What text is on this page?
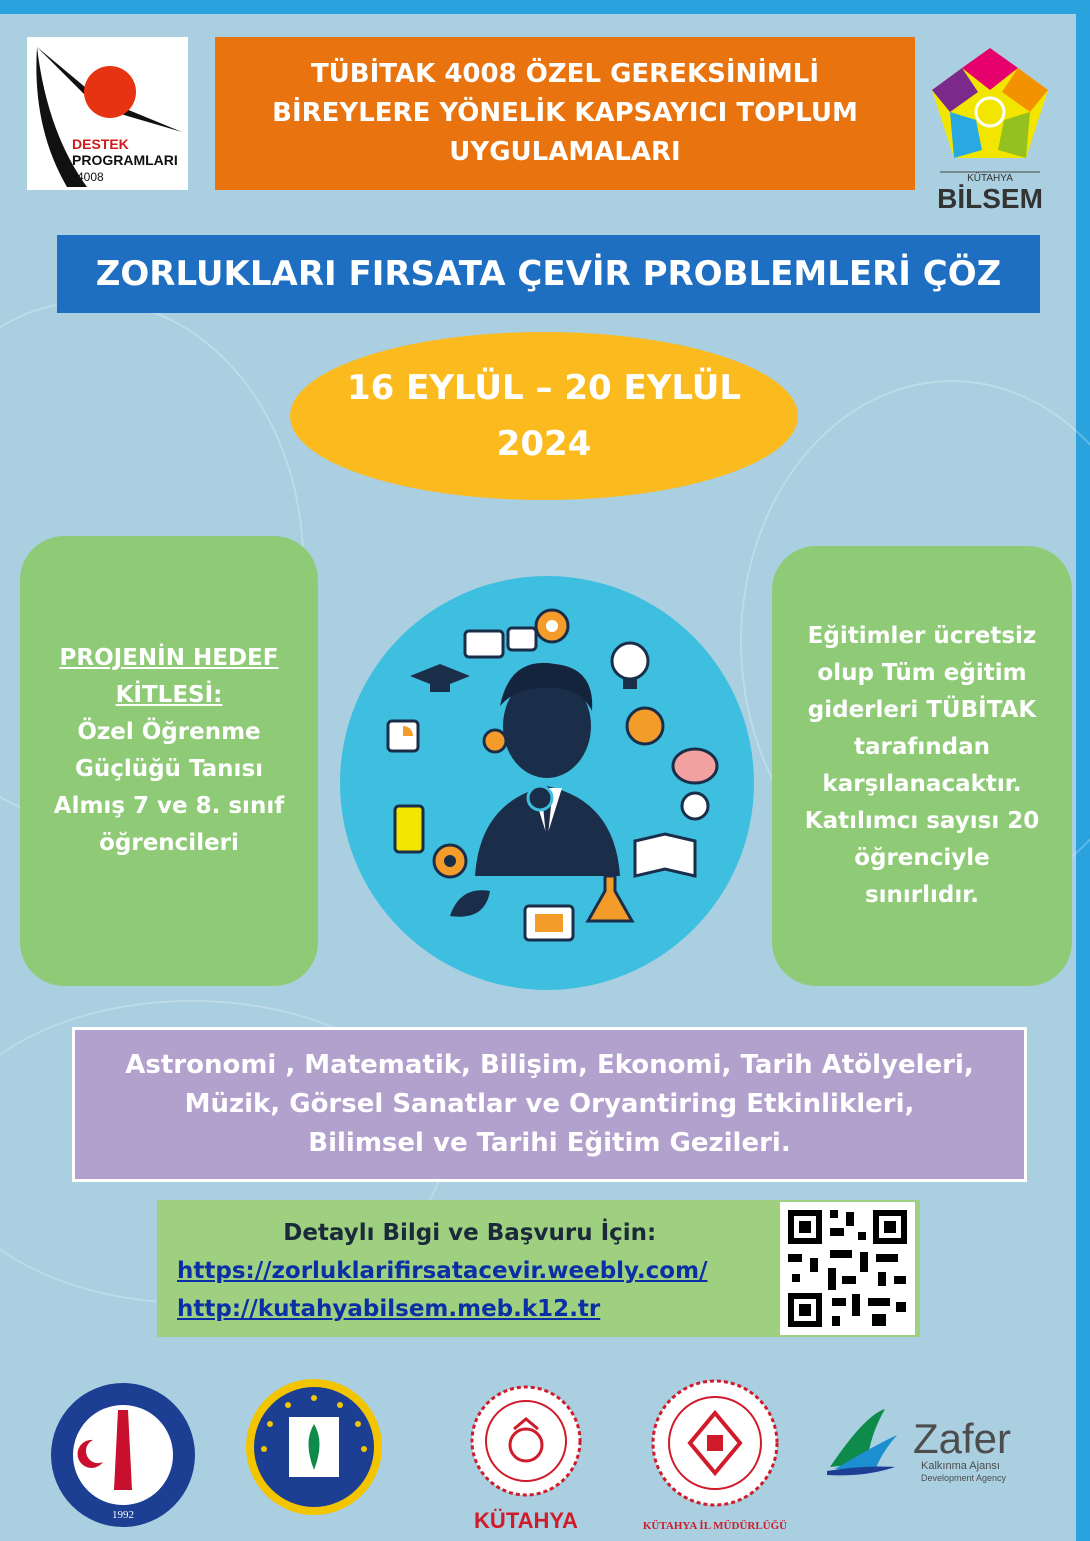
DESTEK
PROGRAMLARI
4008
TÜBİTAK 4008 ÖZEL GEREKSİNİMLİ
BİREYLERE YÖNELİK KAPSAYICI TOPLUM
UYGULAMALARI
KÜTAHYA
BİLSEM
ZORLUKLARI FIRSATA ÇEVİR PROBLEMLERİ ÇÖZ
16 EYLÜL – 20 EYLÜL
2024
PROJENİN HEDEF
KİTLESİ:
Özel Öğrenme
Güçlüğü Tanısı
Almış 7 ve 8. sınıf
öğrencileri
Eğitimler ücretsiz
olup Tüm eğitim
giderleri TÜBİTAK
tarafından
karşılanacaktır.
Katılımcı sayısı 20
öğrenciyle
sınırlıdır.
Astronomi , Matematik, Bilişim, Ekonomi, Tarih Atölyeleri,
Müzik, Görsel Sanatlar ve Oryantiring Etkinlikleri,
Bilimsel ve Tarihi Eğitim Gezileri.
Detaylı Bilgi ve Başvuru İçin:
https://zorluklarifirsatacevir.weebly.com/
http://kutahyabilsem.meb.k12.tr
1992	KÜTAHYA	KÜTAHYA İL MÜDÜRLÜĞÜ
Zafer
Kalkınma Ajansı
Development Agency
